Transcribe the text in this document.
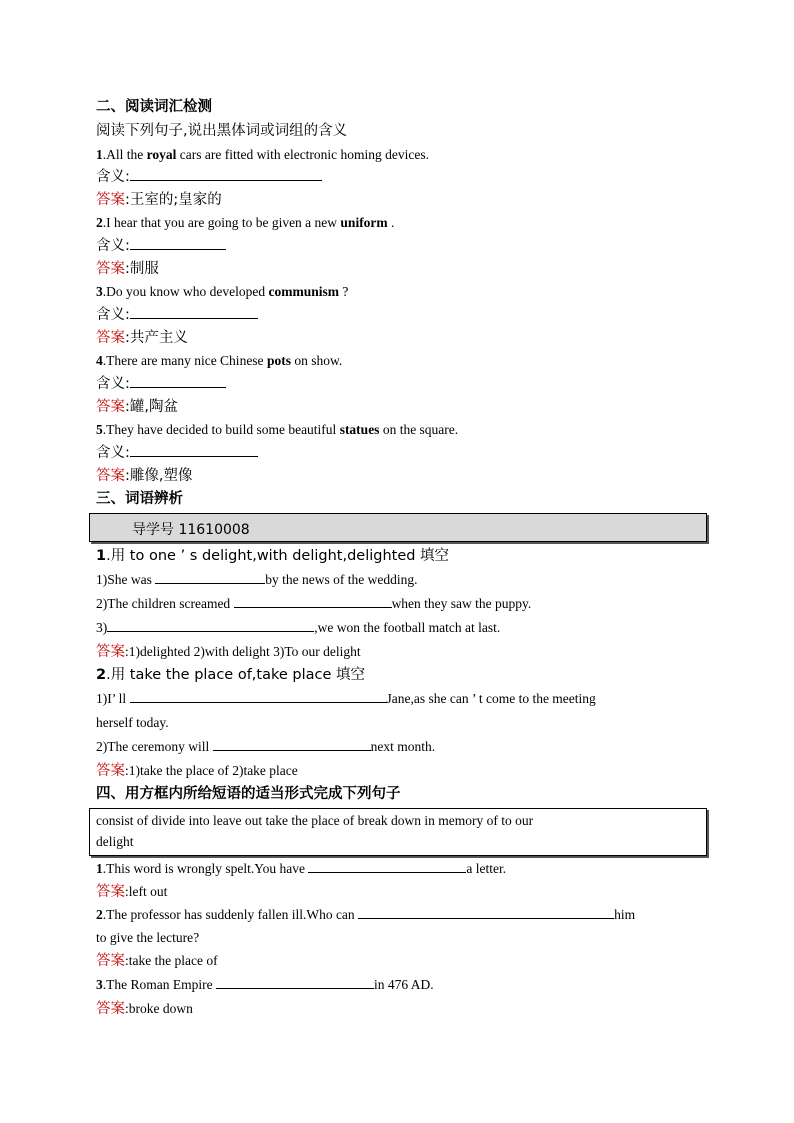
二、阅读词汇检测
阅读下列句子,说出黑体词或词组的含义
1.All the royal cars are fitted with electronic homing devices.
含义:
答案:王室的;皇家的
2.I hear that you are going to be given a new uniform .
含义:
答案:制服
3.Do you know who developed communism ?
含义:
答案:共产主义
4.There are many nice Chinese pots on show.
含义:
答案:罐,陶盆
5.They have decided to build some beautiful statues on the square.
含义:
答案:雕像,塑像
三、词语辨析
导学号 11610008
1.用 to one ’ s delight,with delight,delighted 填空
1)She was	by the news of the wedding.
2)The children screamed	when they saw the puppy.
3)	,we won the football match at last.
答案:1)delighted 2)with delight 3)To our delight
2.用 take the place of,take place 填空
1)I’ ll	Jane,as she can ’ t come to the meeting
herself today.
2)The ceremony will	next month.
答案:1)take the place of 2)take place
四、用方框内所给短语的适当形式完成下列句子
consist of divide into leave out take the place of break down in memory of to our
delight
1.This word is wrongly spelt.You have	a letter.
答案:left out
2.The professor has suddenly fallen ill.Who can	him
to give the lecture?
答案:take the place of
3.The Roman Empire	in 476 AD.
答案:broke down
